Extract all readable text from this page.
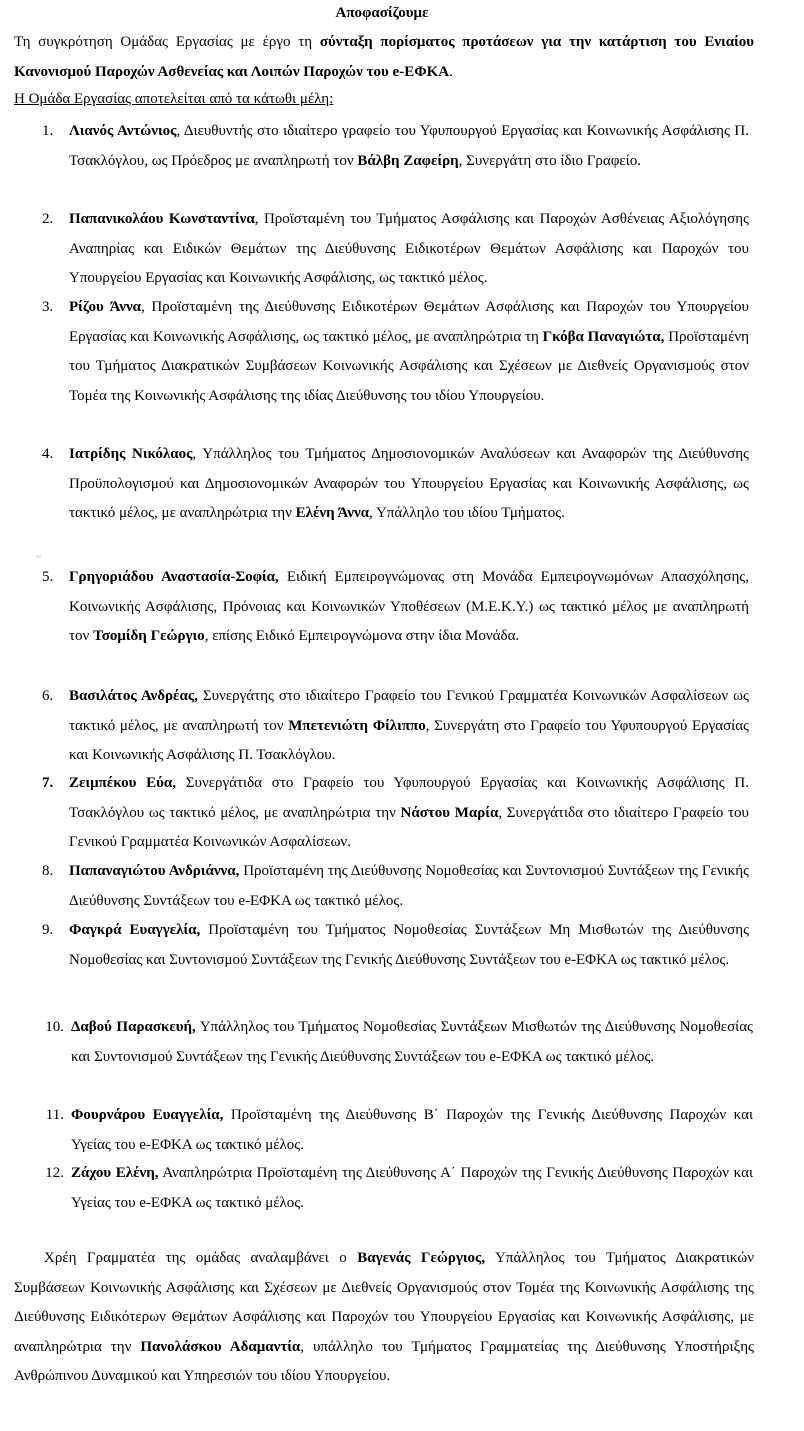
Αποφασίζουμε
Τη συγκρότηση Ομάδας Εργασίας με έργο τη σύνταξη πορίσματος προτάσεων για την κατάρτιση του Ενιαίου Κανονισμού Παροχών Ασθενείας και Λοιπών Παροχών του e-ΕΦΚΑ.
Η Ομάδα Εργασίας αποτελείται από τα κάτωθι μέλη:
1.	Λιανός Αντώνιος, Διευθυντής στο ιδιαίτερο γραφείο του Υφυπουργού Εργασίας και Κοινωνικής Ασφάλισης Π. Τσακλόγλου, ως Πρόεδρος με αναπληρωτή τον Βάλβη Ζαφείρη, Συνεργάτη στο ίδιο Γραφείο.
2.	Παπανικολάου Κωνσταντίνα, Προϊσταμένη του Τμήματος Ασφάλισης και Παροχών Ασθένειας Αξιολόγησης Αναπηρίας και Ειδικών Θεμάτων της Διεύθυνσης Ειδικοτέρων Θεμάτων Ασφάλισης και Παροχών του Υπουργείου Εργασίας και Κοινωνικής Ασφάλισης, ως τακτικό μέλος.
3.	Ρίζου Άννα, Προϊσταμένη της Διεύθυνσης Ειδικοτέρων Θεμάτων Ασφάλισης και Παροχών του Υπουργείου Εργασίας και Κοινωνικής Ασφάλισης, ως τακτικό μέλος, με αναπληρώτρια τη Γκόβα Παναγιώτα, Προϊσταμένη του Τμήματος Διακρατικών Συμβάσεων Κοινωνικής Ασφάλισης και Σχέσεων με Διεθνείς Οργανισμούς στον Τομέα της Κοινωνικής Ασφάλισης της ιδίας Διεύθυνσης του ιδίου Υπουργείου.
4.	Ιατρίδης Νικόλαος, Υπάλληλος του Τμήματος Δημοσιονομικών Αναλύσεων και Αναφορών της Διεύθυνσης Προϋπολογισμού και Δημοσιονομικών Αναφορών του Υπουργείου Εργασίας και Κοινωνικής Ασφάλισης, ως τακτικό μέλος, με αναπληρώτρια την Ελένη Άννα, Υπάλληλο του ιδίου Τμήματος.
5.	Γρηγοριάδου Αναστασία-Σοφία, Ειδική Εμπειρογνώμονας στη Μονάδα Εμπειρογνωμόνων Απασχόλησης, Κοινωνικής Ασφάλισης, Πρόνοιας και Κοινωνικών Υποθέσεων (Μ.Ε.Κ.Υ.) ως τακτικό μέλος με αναπληρωτή τον Τσομίδη Γεώργιο, επίσης Ειδικό Εμπειρογνώμονα στην ίδια Μονάδα.
6.	Βασιλάτος Ανδρέας, Συνεργάτης στο ιδιαίτερο Γραφείο του Γενικού Γραμματέα Κοινωνικών Ασφαλίσεων ως τακτικό μέλος, με αναπληρωτή τον Μπετενιώτη Φίλιππο, Συνεργάτη στο Γραφείο του Υφυπουργού Εργασίας και Κοινωνικής Ασφάλισης Π. Τσακλόγλου.
7.	Ζειμπέκου Εύα, Συνεργάτιδα στο Γραφείο του Υφυπουργού Εργασίας και Κοινωνικής Ασφάλισης Π. Τσακλόγλου ως τακτικό μέλος, με αναπληρώτρια την Νάστου Μαρία, Συνεργάτιδα στο ιδιαίτερο Γραφείο του Γενικού Γραμματέα Κοινωνικών Ασφαλίσεων.
8.	Παπαναγιώτου Ανδριάννα, Προϊσταμένη της Διεύθυνσης Νομοθεσίας και Συντονισμού Συντάξεων της Γενικής Διεύθυνσης Συντάξεων του e-ΕΦΚΑ ως τακτικό μέλος.
9.	Φαγκρά Ευαγγελία, Προϊσταμένη του Τμήματος Νομοθεσίας Συντάξεων Μη Μισθωτών της Διεύθυνσης Νομοθεσίας και Συντονισμού Συντάξεων της Γενικής Διεύθυνσης Συντάξεων του e-ΕΦΚΑ ως τακτικό μέλος.
10. Δαβού Παρασκευή, Υπάλληλος του Τμήματος Νομοθεσίας Συντάξεων Μισθωτών της Διεύθυνσης Νομοθεσίας και Συντονισμού Συντάξεων της Γενικής Διεύθυνσης Συντάξεων του e-ΕΦΚΑ ως τακτικό μέλος.
11. Φουρνάρου Ευαγγελία, Προϊσταμένη της Διεύθυνσης Β΄ Παροχών της Γενικής Διεύθυνσης Παροχών και Υγείας του e-ΕΦΚΑ ως τακτικό μέλος.
12. Ζάχου Ελένη, Αναπληρώτρια Προϊσταμένη της Διεύθυνσης Α΄ Παροχών της Γενικής Διεύθυνσης Παροχών και Υγείας του e-ΕΦΚΑ ως τακτικό μέλος.
Χρέη Γραμματέα της ομάδας αναλαμβάνει ο Βαγενάς Γεώργιος, Υπάλληλος του Τμήματος Διακρατικών Συμβάσεων Κοινωνικής Ασφάλισης και Σχέσεων με Διεθνείς Οργανισμούς στον Τομέα της Κοινωνικής Ασφάλισης της Διεύθυνσης Ειδικότερων Θεμάτων Ασφάλισης και Παροχών του Υπουργείου Εργασίας και Κοινωνικής Ασφάλισης, με αναπληρώτρια την Πανολάσκου Αδαμαντία, υπάλληλο του Τμήματος Γραμματείας της Διεύθυνσης Υποστήριξης Ανθρώπινου Δυναμικού και Υπηρεσιών του ιδίου Υπουργείου.
